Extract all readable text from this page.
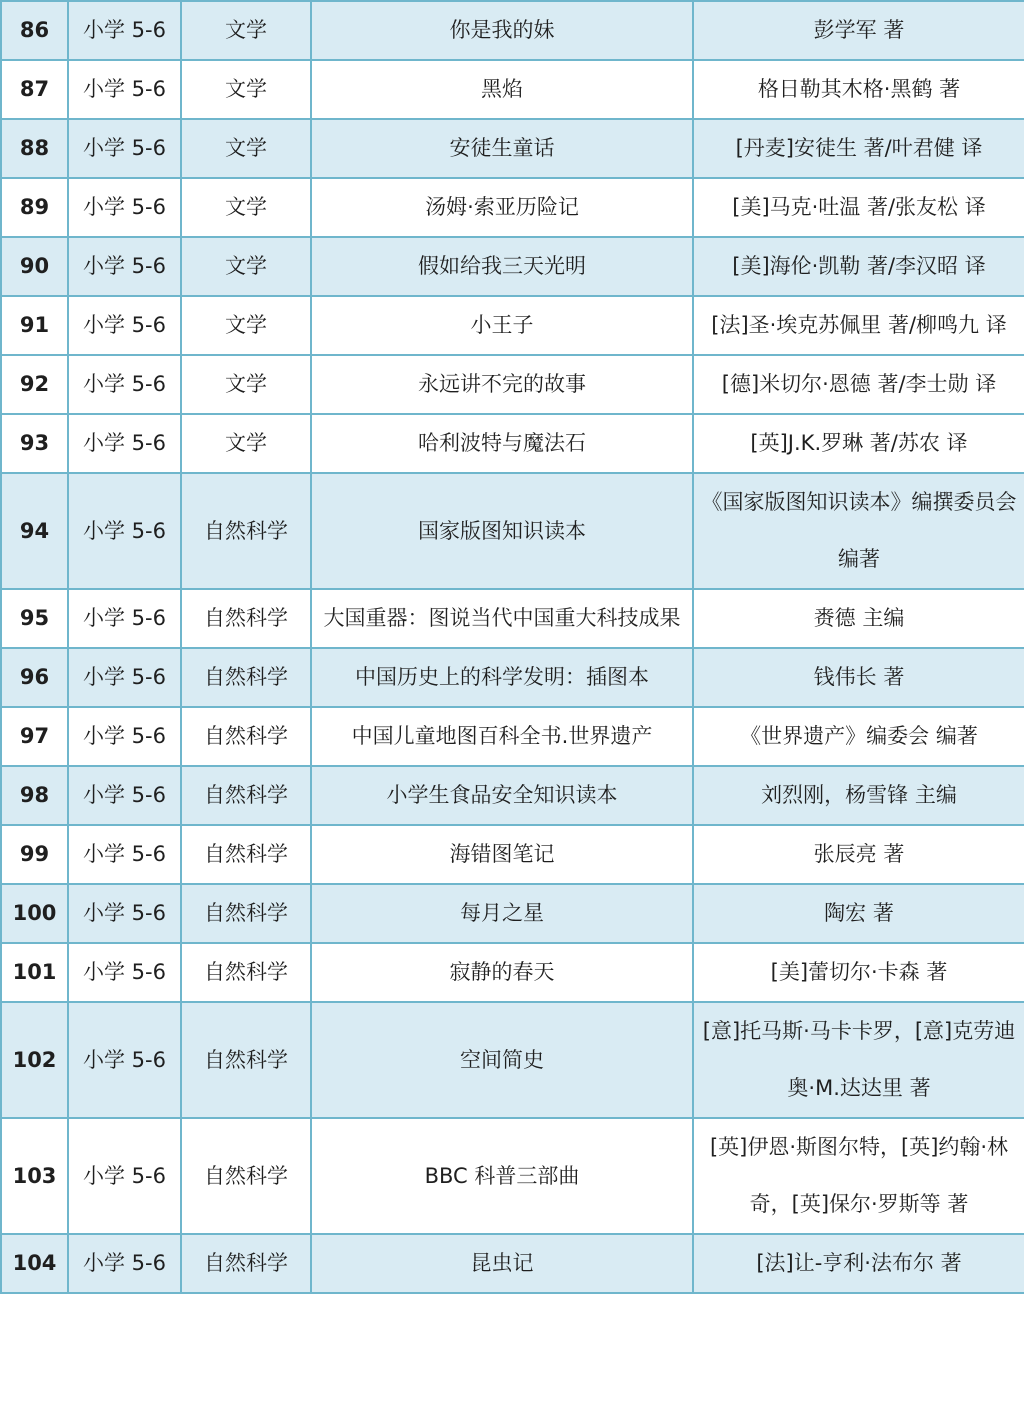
86	小学 5-6	文学	你是我的妹	彭学军 著
87	小学 5-6	文学	黑焰	格日勒其木格·黑鹤 著
88	小学 5-6	文学	安徒生童话	[丹麦]安徒生 著/叶君健 译
89	小学 5-6	文学	汤姆·索亚历险记	[美]马克·吐温 著/张友松 译
90	小学 5-6	文学	假如给我三天光明	[美]海伦·凯勒 著/李汉昭 译
91	小学 5-6	文学	小王子	[法]圣·埃克苏佩里 著/柳鸣九 译
92	小学 5-6	文学	永远讲不完的故事	[德]米切尔·恩德 著/李士勋 译
93	小学 5-6	文学	哈利波特与魔法石	[英]J.K.罗琳 著/苏农 译
94	小学 5-6	自然科学	国家版图知识读本	《国家版图知识读本》编撰委员会 编著
95	小学 5-6	自然科学	大国重器：图说当代中国重大科技成果	赉德 主编
96	小学 5-6	自然科学	中国历史上的科学发明：插图本	钱伟长 著
97	小学 5-6	自然科学	中国儿童地图百科全书.世界遗产	《世界遗产》编委会 编著
98	小学 5-6	自然科学	小学生食品安全知识读本	刘烈刚，杨雪锋 主编
99	小学 5-6	自然科学	海错图笔记	张辰亮 著
100	小学 5-6	自然科学	每月之星	陶宏 著
101	小学 5-6	自然科学	寂静的春天	[美]蕾切尔·卡森 著
102	小学 5-6	自然科学	空间简史	[意]托马斯·马卡卡罗，[意]克劳迪奥·M.达达里 著
103	小学 5-6	自然科学	BBC 科普三部曲	[英]伊恩·斯图尔特，[英]约翰·林奇，[英]保尔·罗斯等 著
104	小学 5-6	自然科学	昆虫记	[法]让-亨利·法布尔 著
